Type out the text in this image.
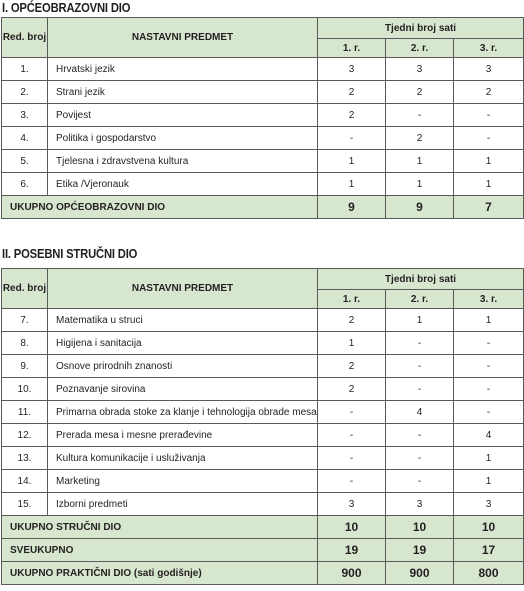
I. OPĆEOBRAZOVNI DIO
Red. broj	NASTAVNI PREDMET	Tjedni broj sati		
		1. r.	2. r.	3. r.
1.	Hrvatski jezik	3	3	3
2.	Strani jezik	2	2	2
3.	Povijest	2	-	-
4.	Politika i gospodarstvo	-	2	-
5.	Tjelesna i zdravstvena kultura	1	1	1
6.	Etika /Vjeronauk	1	1	1
UKUPNO OPĆEOBRAZOVNI DIO		9	9	7
II. POSEBNI STRUČNI DIO
Red. broj	NASTAVNI PREDMET	Tjedni broj sati		
		1. r.	2. r.	3. r.
7.	Matematika u struci	2	1	1
8.	Higijena i sanitacija	1	-	-
9.	Osnove prirodnih znanosti	2	-	-
10.	Poznavanje sirovina	2	-	-
11.	Primarna obrada stoke za klanje i tehnologija obrade mesa	-	4	-
12.	Prerada mesa i mesne prerađevine	-	-	4
13.	Kultura komunikacije i usluživanja	-	-	1
14.	Marketing	-	-	1
15.	Izborni predmeti	3	3	3
UKUPNO STRUČNI DIO		10	10	10
SVEUKUPNO		19	19	17
UKUPNO PRAKTIČNI DIO (sati godišnje)		900	900	800
